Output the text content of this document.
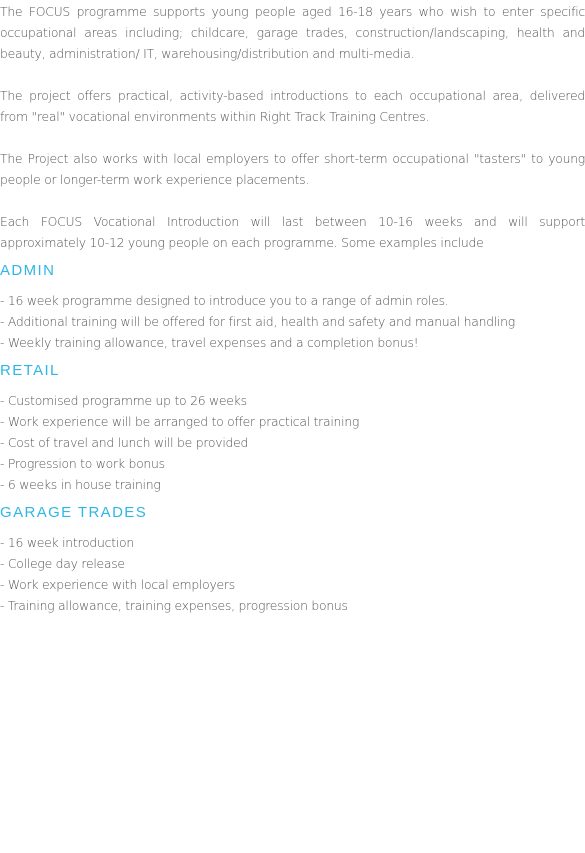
The FOCUS programme supports young people aged 16-18 years who wish to enter specific occupational areas including; childcare, garage trades, construction/landscaping, health and beauty, administration/ IT, warehousing/distribution and multi-media.

The project offers practical, activity-based introductions to each occupational area, delivered from "real" vocational environments within Right Track Training Centres.

The Project also works with local employers to offer short-term occupational "tasters" to young people or longer-term work experience placements.

Each FOCUS Vocational Introduction will last between 10-16 weeks and will support approximately 10-12 young people on each programme. Some examples include

ADMIN
- 16 week programme designed to introduce you to a range of admin roles.
- Additional training will be offered for first aid, health and safety and manual handling
- Weekly training allowance, travel expenses and a completion bonus!
RETAIL
- Customised programme up to 26 weeks
- Work experience will be arranged to offer practical training
- Cost of travel and lunch will be provided
- Progression to work bonus
- 6 weeks in house training
GARAGE TRADES
- 16 week introduction
- College day release
- Work experience with local employers
- Training allowance, training expenses, progression bonus
